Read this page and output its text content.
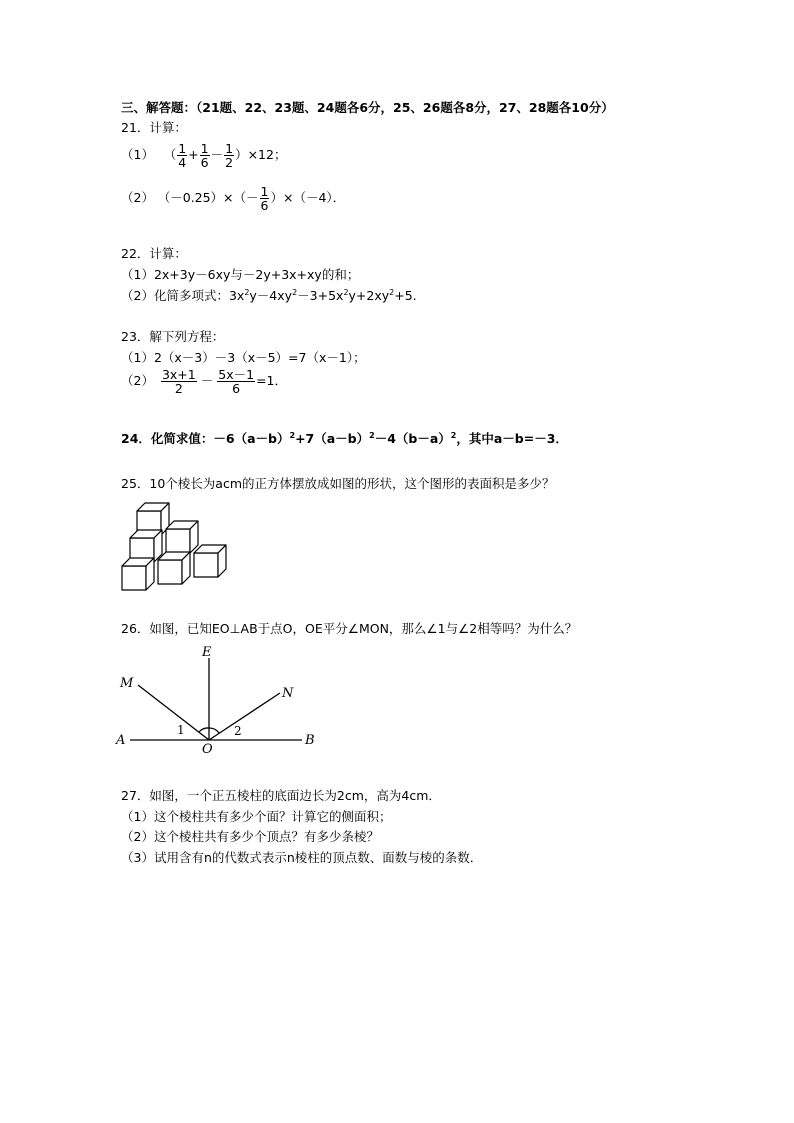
三、解答题：（21题、22、23题、24题各6分，25、26题各8分，27、28题各10分）
21．计算：
（1） （ $\frac{1}{4} + \frac{1}{6} - \frac{1}{2} )\times 12$；
（2） $(-0.25)\times(- \frac{1}{6} )\times(-4)$．
22．计算：
（1）2x+3y－6xy与－2y+3x+xy的和；
（2）化简多项式：$3x^2y-4xy^2-3+5x^2y+2xy^2+5$.
23．解下列方程：
（1）2（x－3）－3（x－5）=7（x－1）；
$(2) \frac{3x+1}{2} - \frac{5x-1}{6} =1$．
24．化简求值：$-6(a-b)^2+7(a-b)^2-4(b-a)^2$，其中a－b=－3．
25．10个棱长为acm的正方体摆放成如图的形状，这个图形的表面积是多少？
26．如图，已知EO⊥AB于点O，OE平分∠MON，那么∠1与∠2相等吗？为什么？
E
M
N
A
O
B
1	2
27．如图，一个正五棱柱的底面边长为2cm，高为4cm．
（1）这个棱柱共有多少个面？计算它的侧面积；
（2）这个棱柱共有多少个顶点？有多少条棱？
（3）试用含有n的代数式表示n棱柱的顶点数、面数与棱的条数．
